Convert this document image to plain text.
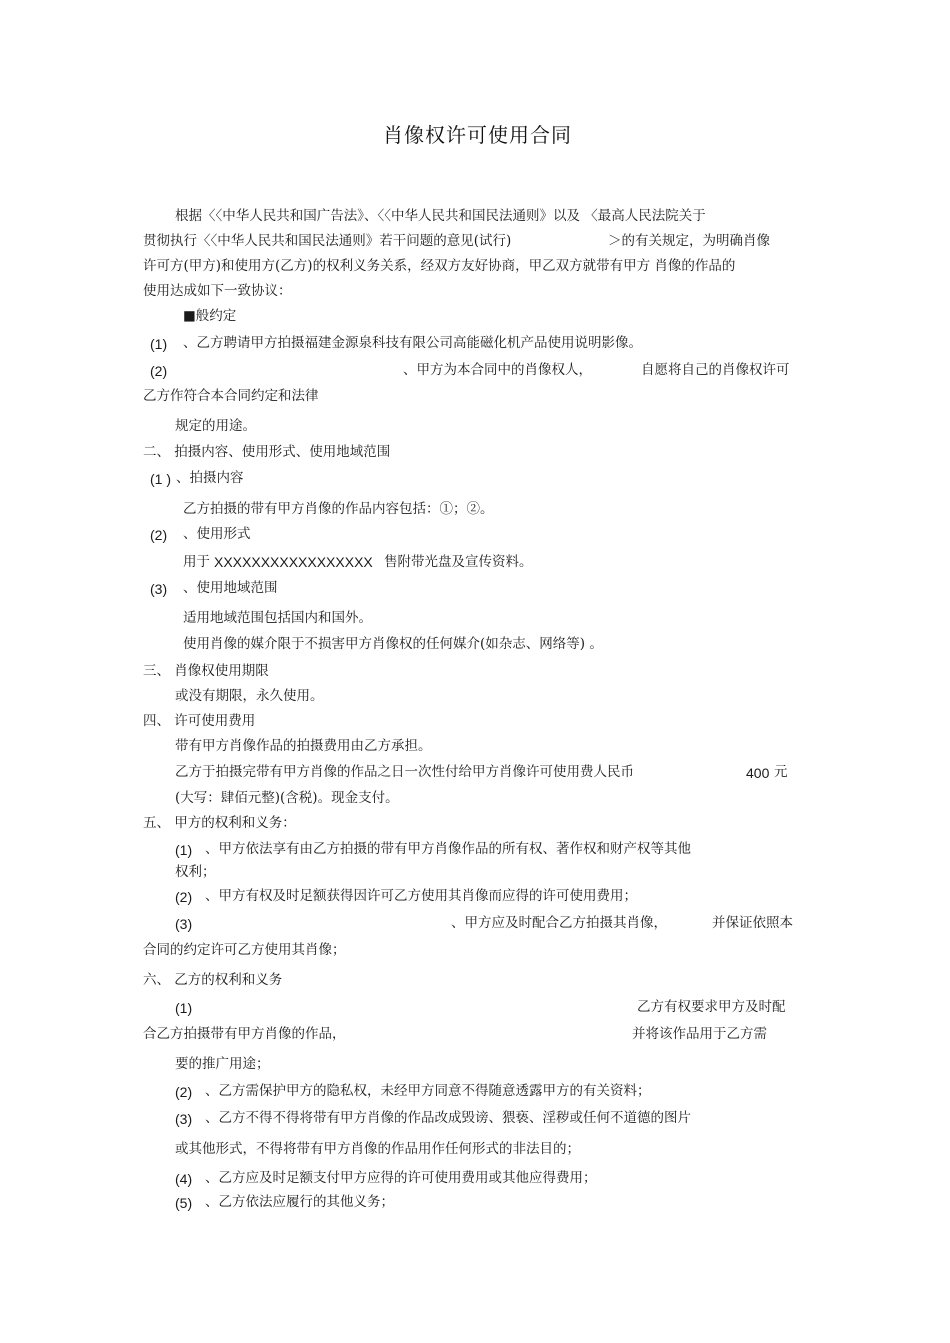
肖像权许可使用合同
根据〈〈中华人民共和国广告法》、〈〈中华人民共和国民法通则》以及 〈最高人民法院关于
贯彻执行〈〈中华人民共和国民法通则》若干问题的意见(试行)	＞的有关规定，为明确肖像
许可方(甲方)和使用方(乙方)的权利义务关系，经双方友好协商，甲乙双方就带有甲方 肖像的作品的
使用达成如下一致协议：
■般约定
(1) 、乙方聘请甲方拍摄福建金源泉科技有限公司高能磁化机产品使用说明影像。
(2)	、甲方为本合同中的肖像权人，	自愿将自己的肖像权许可
乙方作符合本合同约定和法律
规定的用途。
二、 拍摄内容、使用形式、使用地域范围
(1 ) 、拍摄内容
乙方拍摄的带有甲方肖像的作品内容包括：①；②。
(2) 、使用形式
用于 XXXXXXXXXXXXXXXXX 售附带光盘及宣传资料。
(3) 、使用地域范围
适用地域范围包括国内和国外。
使用肖像的媒介限于不损害甲方肖像权的任何媒介(如杂志、网络等) 。
三、 肖像权使用期限
或没有期限，永久使用。
四、 许可使用费用
带有甲方肖像作品的拍摄费用由乙方承担。
乙方于拍摄完带有甲方肖像的作品之日一次性付给甲方肖像许可使用费人民币	400 元
(大写：肆佰元整)(含税)。现金支付。
五、 甲方的权利和义务：
(1) 、甲方依法享有由乙方拍摄的带有甲方肖像作品的所有权、著作权和财产权等其他
权利；
(2) 、甲方有权及时足额获得因许可乙方使用其肖像而应得的许可使用费用；
(3)	、甲方应及时配合乙方拍摄其肖像，	并保证依照本
合同的约定许可乙方使用其肖像；
六、 乙方的权利和义务
(1)	乙方有权要求甲方及时配
合乙方拍摄带有甲方肖像的作品，	并将该作品用于乙方需
要的推广用途；
(2) 、乙方需保护甲方的隐私权，未经甲方同意不得随意透露甲方的有关资料；
(3) 、乙方不得不得将带有甲方肖像的作品改成毁谤、猥亵、淫秽或任何不道德的图片
或其他形式，不得将带有甲方肖像的作品用作任何形式的非法目的；
(4) 、乙方应及时足额支付甲方应得的许可使用费用或其他应得费用；
(5) 、乙方依法应履行的其他义务；
